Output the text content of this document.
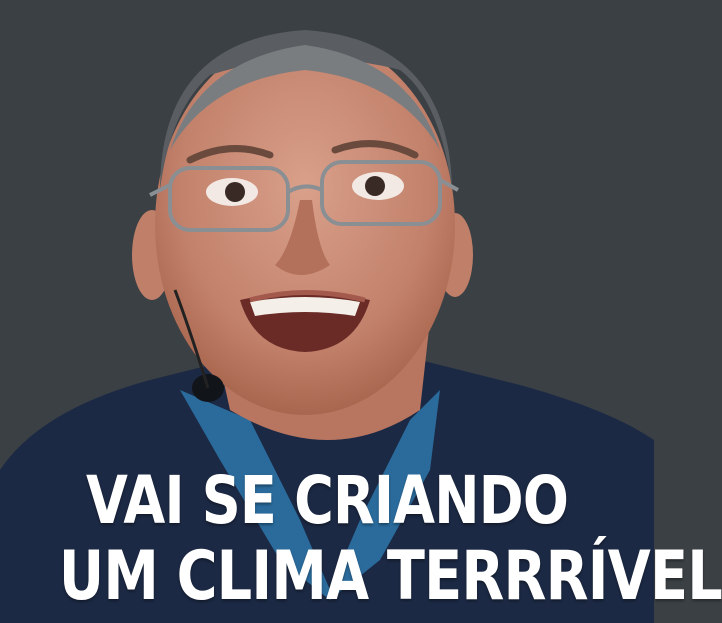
VAI SE CRIANDO
UM CLIMA TERRRÍVEL
